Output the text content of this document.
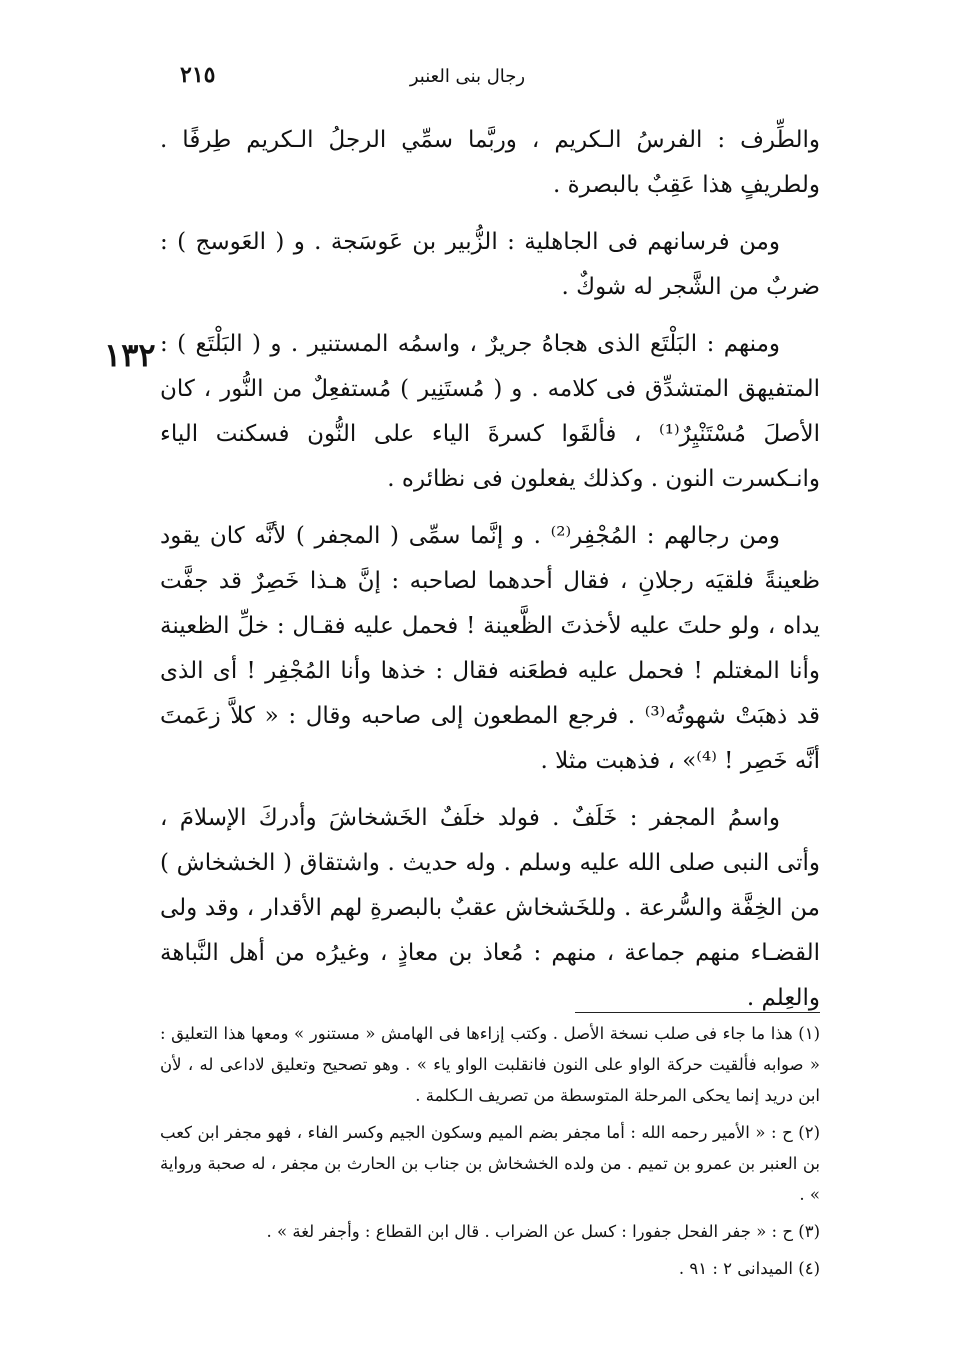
٢١٥	رجال بنى العنبر
١٣٢

والطِّرف : الفرسُ الـكريم ، وربَّما سمِّي الرجلُ الـكريم طِرفًا . ولطريفٍ هذا عَقِبٌ بالبصرة .

ومن فرسانهم فى الجاهلية : الزُّبير بن عَوسَجة . و ( العَوسج ) : ضربٌ من الشَّجر له شوكٌ .

ومنهم : البَلْتَع الذى هجاهُ جريرٌ ، واسمُه المستنير . و ( البَلْتَع ) : المتفيهق المتشدِّق فى كلامه . و ( مُستَنِير ) مُستفعِلٌ من النُّور ، كان الأصلَ مُسْتَنْيِرٌ⁽¹⁾ ، فألقَوا كسرةَ الياء على النُّون فسكنت الياء وانـكسرت النون . وكذلك يفعلون فى نظائره .

ومن رجالهم : المُجْفِر⁽²⁾ . و إنَّما سمِّى ( المجفر ) لأنَّه كان يقود ظعينةً فلقيَه رجلانِ ، فقال أحدهما لصاحبه : إنَّ هـذا خَصِرٌ قد جفَّت يداه ، ولو حلتَ عليه لأخذتَ الظَّعينة ! فحمل عليه فقـال : خلِّ الظعينة وأنا المغتلم ! فحمل عليه فطعَنه فقال : خذها وأنا المُجْفِر ! أى الذى قد ذهبَتْ شهوتُه⁽³⁾ . فرجع المطعون إلى صاحبه وقال : « كلاَّ زعَمتَ أنَّه خَصِر ! ⁽⁴⁾» ، فذهبت مثلا .

واسمُ المجفر : خَلَفٌ . فولد خلَفٌ الخَشخاشَ وأدركَ الإسلامَ ، وأتى النبى صلى الله عليه وسلم . وله حديث . واشتقاق ( الخشخاش ) من الخِفَّة والسُّرعة . وللخَشخاش عقبٌ بالبصرةِ لهم الأقدار ، وقد ولى القضـاء منهم جماعة ، منهم : مُعاذ بن معاذٍ ، وغيرُه من أهل النَّباهة والعِلم .

(١) هذا ما جاء فى صلب نسخة الأصل . وكتب إزاءها فى الهامش « مستنور » ومعها هذا التعليق : « صوابه فألقيت حركة الواو على النون فانقلبت الواو ياء » . وهو تصحيح وتعليق لاداعى له ، لأن ابن دريد إنما يحكى المرحلة المتوسطة من تصريف الـكلمة .

(٢) ح : « الأمير رحمه الله : أما مجفر بضم الميم وسكون الجيم وكسر الفاء ، فهو مجفر ابن كعب بن العنبر بن عمرو بن تميم . من ولده الخشخاش بن جناب بن الحارث بن مجفر ، له صحبة ورواية » .

(٣) ح : « جفر الفحل جفورا : كسل عن الضراب . قال ابن القطاع : وأجفر لغة » .

(٤) الميدانى ٢ : ٩١ .
